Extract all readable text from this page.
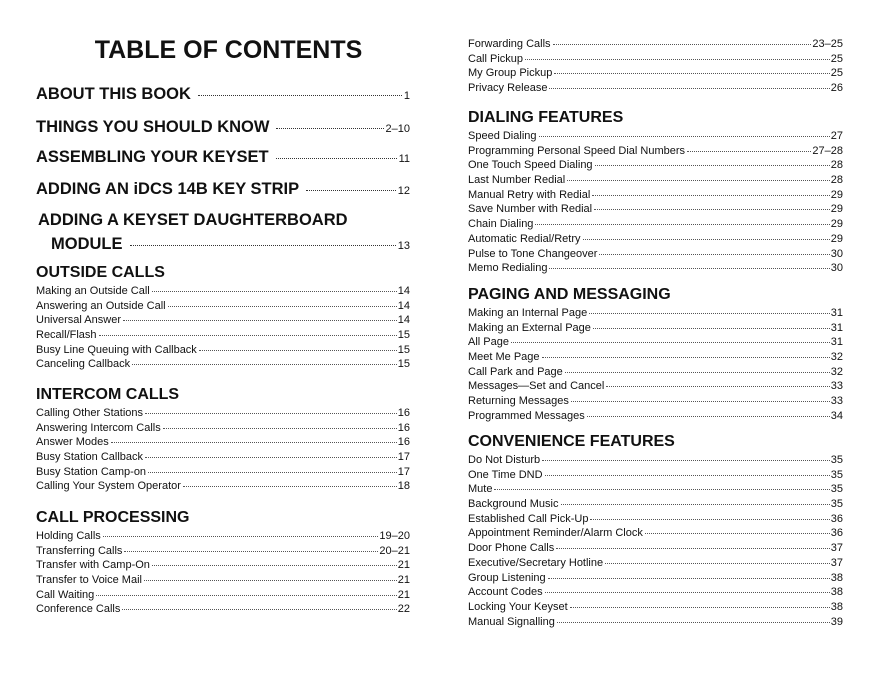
TABLE OF CONTENTS
ABOUT THIS BOOK	1
THINGS YOU SHOULD KNOW	2–10
ASSEMBLING YOUR KEYSET	11
ADDING AN iDCS 14B KEY STRIP	12
ADDING A KEYSET DAUGHTERBOARD
MODULE	13
OUTSIDE CALLS
Making an Outside Call	14
Answering an Outside Call	14
Universal Answer	14
Recall/Flash	15
Busy Line Queuing with Callback	15
Canceling Callback	15
INTERCOM CALLS
Calling Other Stations	16
Answering Intercom Calls	16
Answer Modes	16
Busy Station Callback	17
Busy Station Camp-on	17
Calling Your System Operator	18
CALL PROCESSING
Holding Calls	19–20
Transferring Calls	20–21
Transfer with Camp-On	21
Transfer to Voice Mail	21
Call Waiting	21
Conference Calls	22
Forwarding Calls	23–25
Call Pickup	25
My Group Pickup	25
Privacy Release	26
DIALING FEATURES
Speed Dialing	27
Programming Personal Speed Dial Numbers	27–28
One Touch Speed Dialing	28
Last Number Redial	28
Manual Retry with Redial	29
Save Number with Redial	29
Chain Dialing	29
Automatic Redial/Retry	29
Pulse to Tone Changeover	30
Memo Redialing	30
PAGING AND MESSAGING
Making an Internal Page	31
Making an External Page	31
All Page	31
Meet Me Page	32
Call Park and Page	32
Messages—Set and Cancel	33
Returning Messages	33
Programmed Messages	34
CONVENIENCE FEATURES
Do Not Disturb	35
One Time DND	35
Mute	35
Background Music	35
Established Call Pick-Up	36
Appointment Reminder/Alarm Clock	36
Door Phone Calls	37
Executive/Secretary Hotline	37
Group Listening	38
Account Codes	38
Locking Your Keyset	38
Manual Signalling	39
